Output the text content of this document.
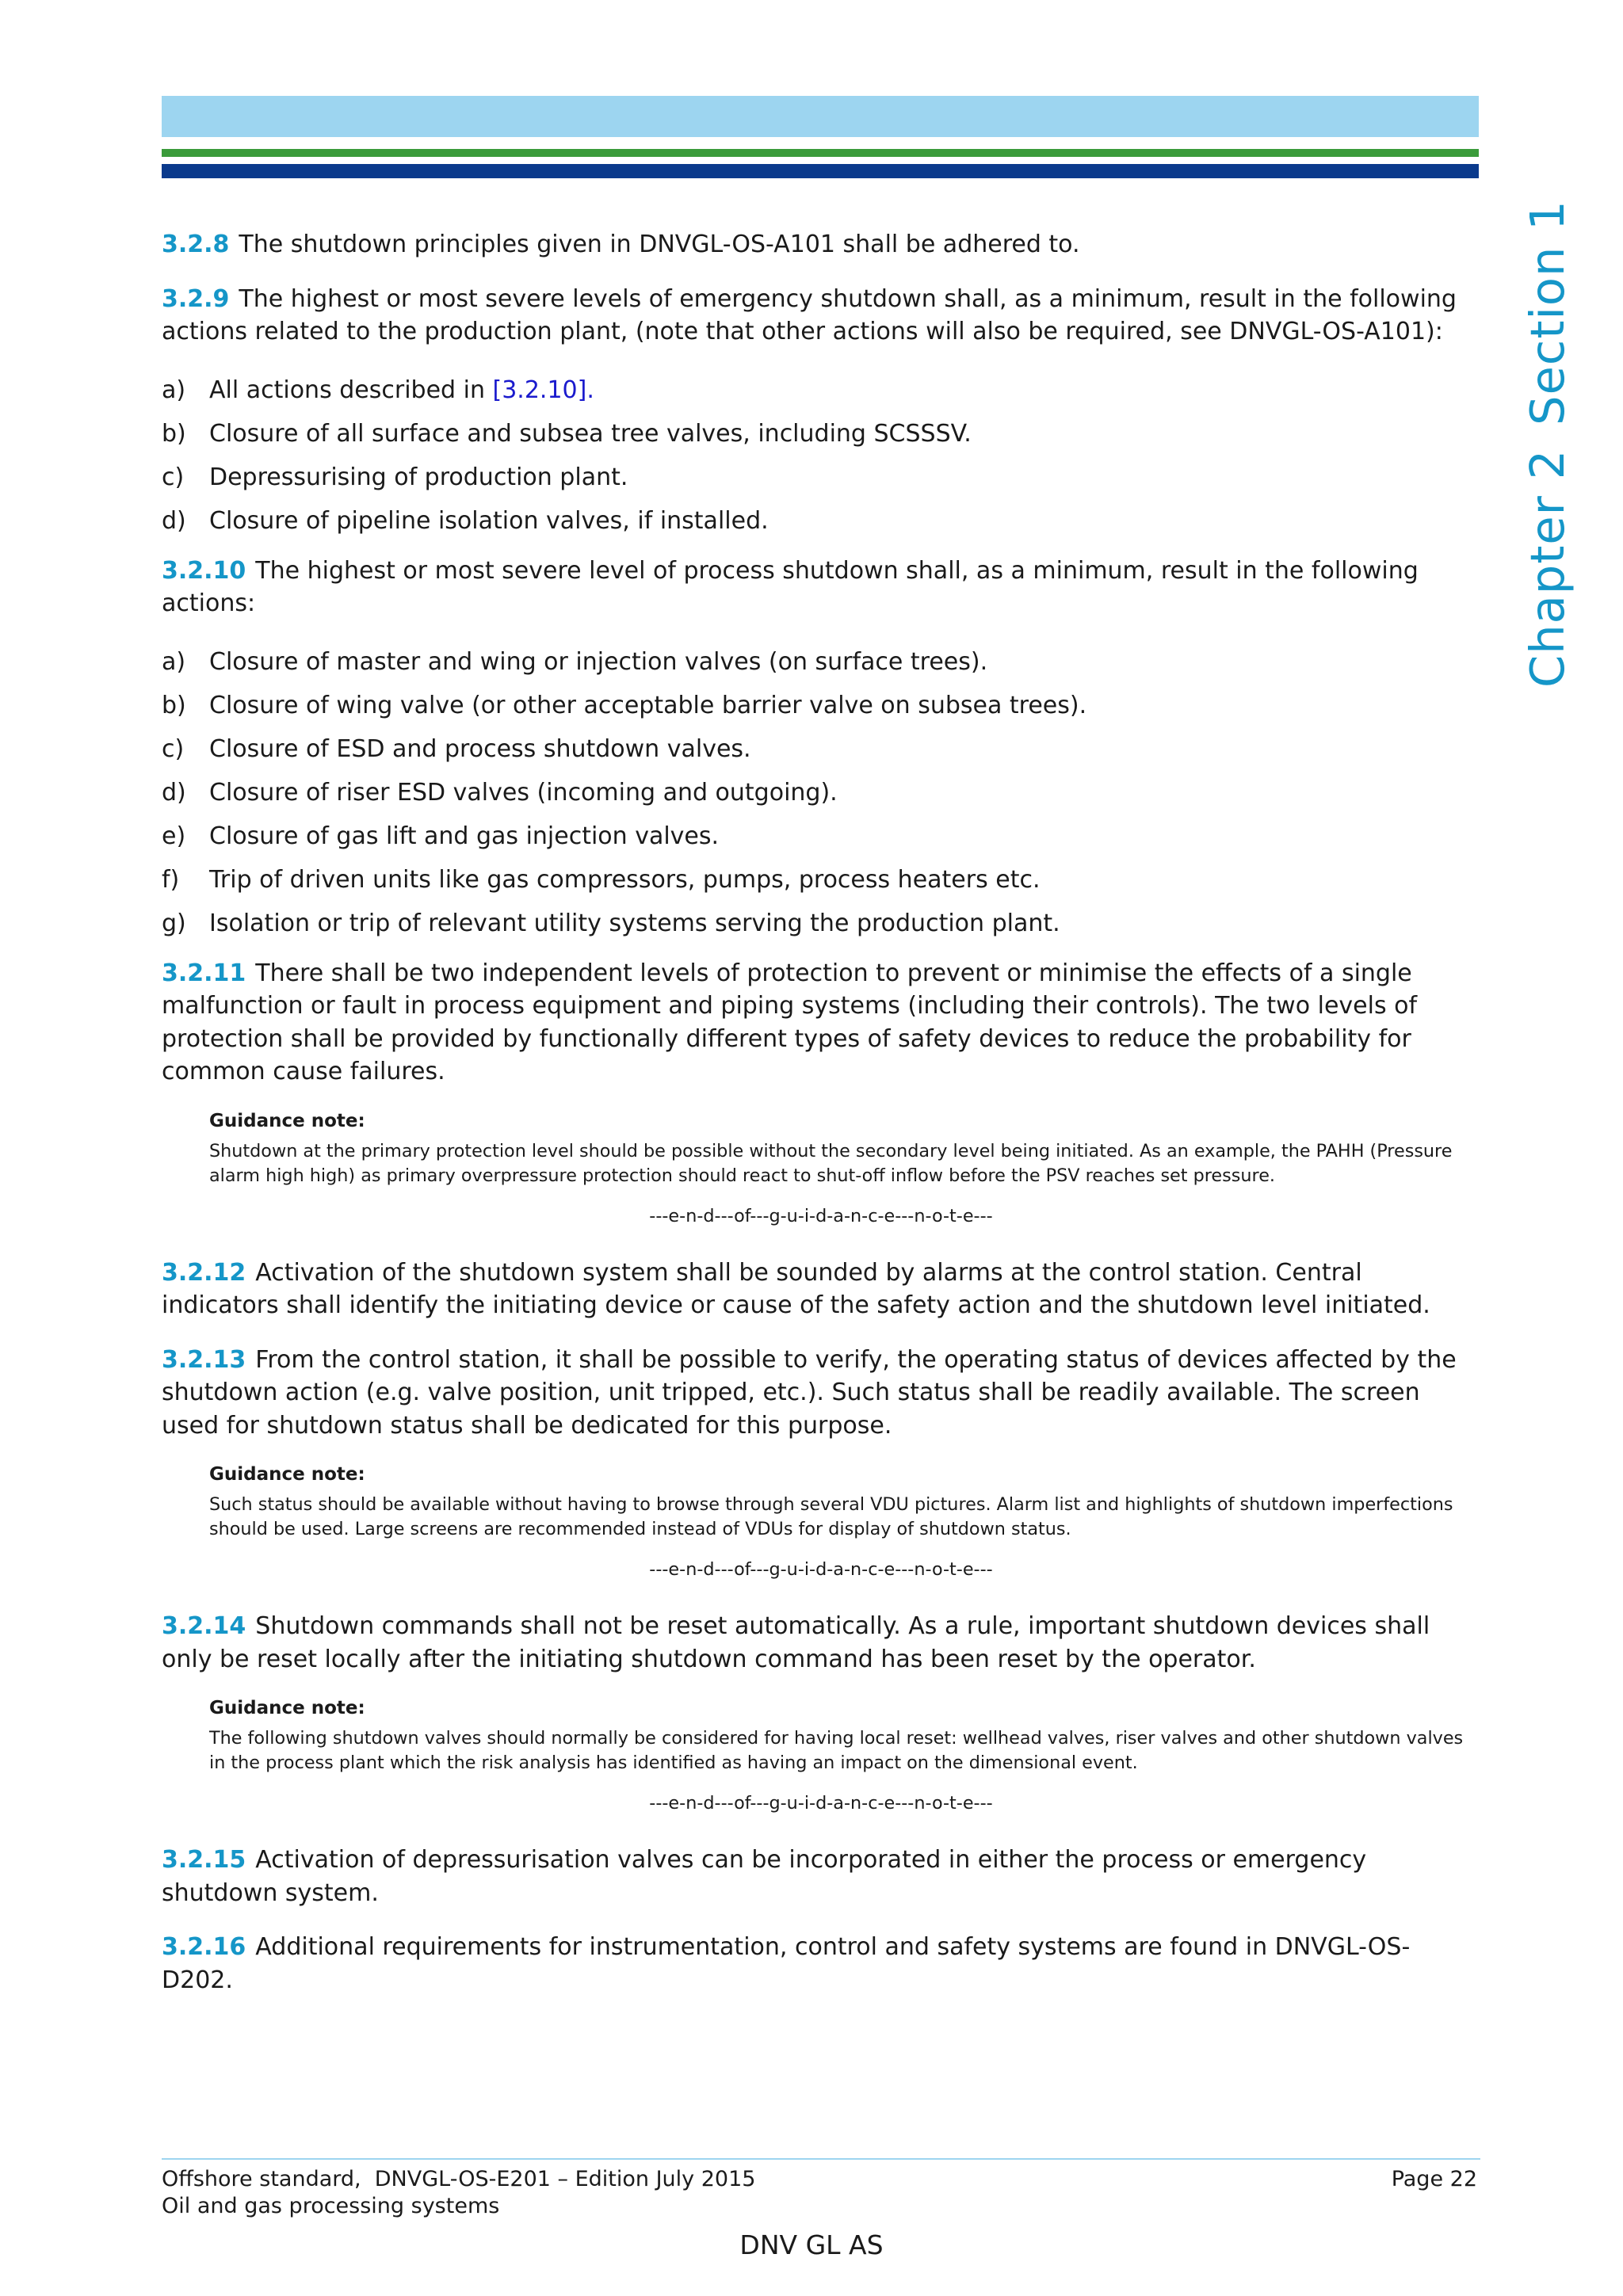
Chapter 2Section 1

3.2.8 The shutdown principles given in DNVGL-OS-A101 shall be adhered to.

3.2.9 The highest or most severe levels of emergency shutdown shall, as a minimum, result in the following actions related to the production plant, (note that other actions will also be required, see DNVGL-OS-A101):

a) All actions described in [3.2.10].
b) Closure of all surface and subsea tree valves, including SCSSSV.
c)	Depressurising of production plant.
d) Closure of pipeline isolation valves, if installed.

3.2.10 The highest or most severe level of process shutdown shall, as a minimum, result in the following actions:

a) Closure of master and wing or injection valves (on surface trees).
b) Closure of wing valve (or other acceptable barrier valve on subsea trees).
c)	Closure of ESD and process shutdown valves.
d) Closure of riser ESD valves (incoming and outgoing).
e) Closure of gas lift and gas injection valves.
f)	Trip of driven units like gas compressors, pumps, process heaters etc.
g) Isolation or trip of relevant utility systems serving the production plant.

3.2.11 There shall be two independent levels of protection to prevent or minimise the effects of a single malfunction or fault in process equipment and piping systems (including their controls). The two levels of protection shall be provided by functionally different types of safety devices to reduce the probability for common cause failures.

Guidance note:

Shutdown at the primary protection level should be possible without the secondary level being initiated. As an example, the PAHH (Pressure alarm high high) as primary overpressure protection should react to shut-off inflow before the PSV reaches set pressure.

---e-n-d---of---g-u-i-d-a-n-c-e---n-o-t-e---

3.2.12 Activation of the shutdown system shall be sounded by alarms at the control station. Central indicators shall identify the initiating device or cause of the safety action and the shutdown level initiated.

3.2.13 From the control station, it shall be possible to verify, the operating status of devices affected by the shutdown action (e.g. valve position, unit tripped, etc.). Such status shall be readily available. The screen used for shutdown status shall be dedicated for this purpose.

Guidance note:

Such status should be available without having to browse through several VDU pictures. Alarm list and highlights of shutdown imperfections should be used. Large screens are recommended instead of VDUs for display of shutdown status.

---e-n-d---of---g-u-i-d-a-n-c-e---n-o-t-e---

3.2.14 Shutdown commands shall not be reset automatically. As a rule, important shutdown devices shall only be reset locally after the initiating shutdown command has been reset by the operator.

Guidance note:

The following shutdown valves should normally be considered for having local reset: wellhead valves, riser valves and other shutdown valves in the process plant which the risk analysis has identified as having an impact on the dimensional event.

---e-n-d---of---g-u-i-d-a-n-c-e---n-o-t-e---

3.2.15 Activation of depressurisation valves can be incorporated in either the process or emergency shutdown system.

3.2.16 Additional requirements for instrumentation, control and safety systems are found in DNVGL-OS-D202.

Offshore standard,  DNVGL-OS-E201 – Edition July 2015
Oil and gas processing systems
Page 22
DNV GL AS
